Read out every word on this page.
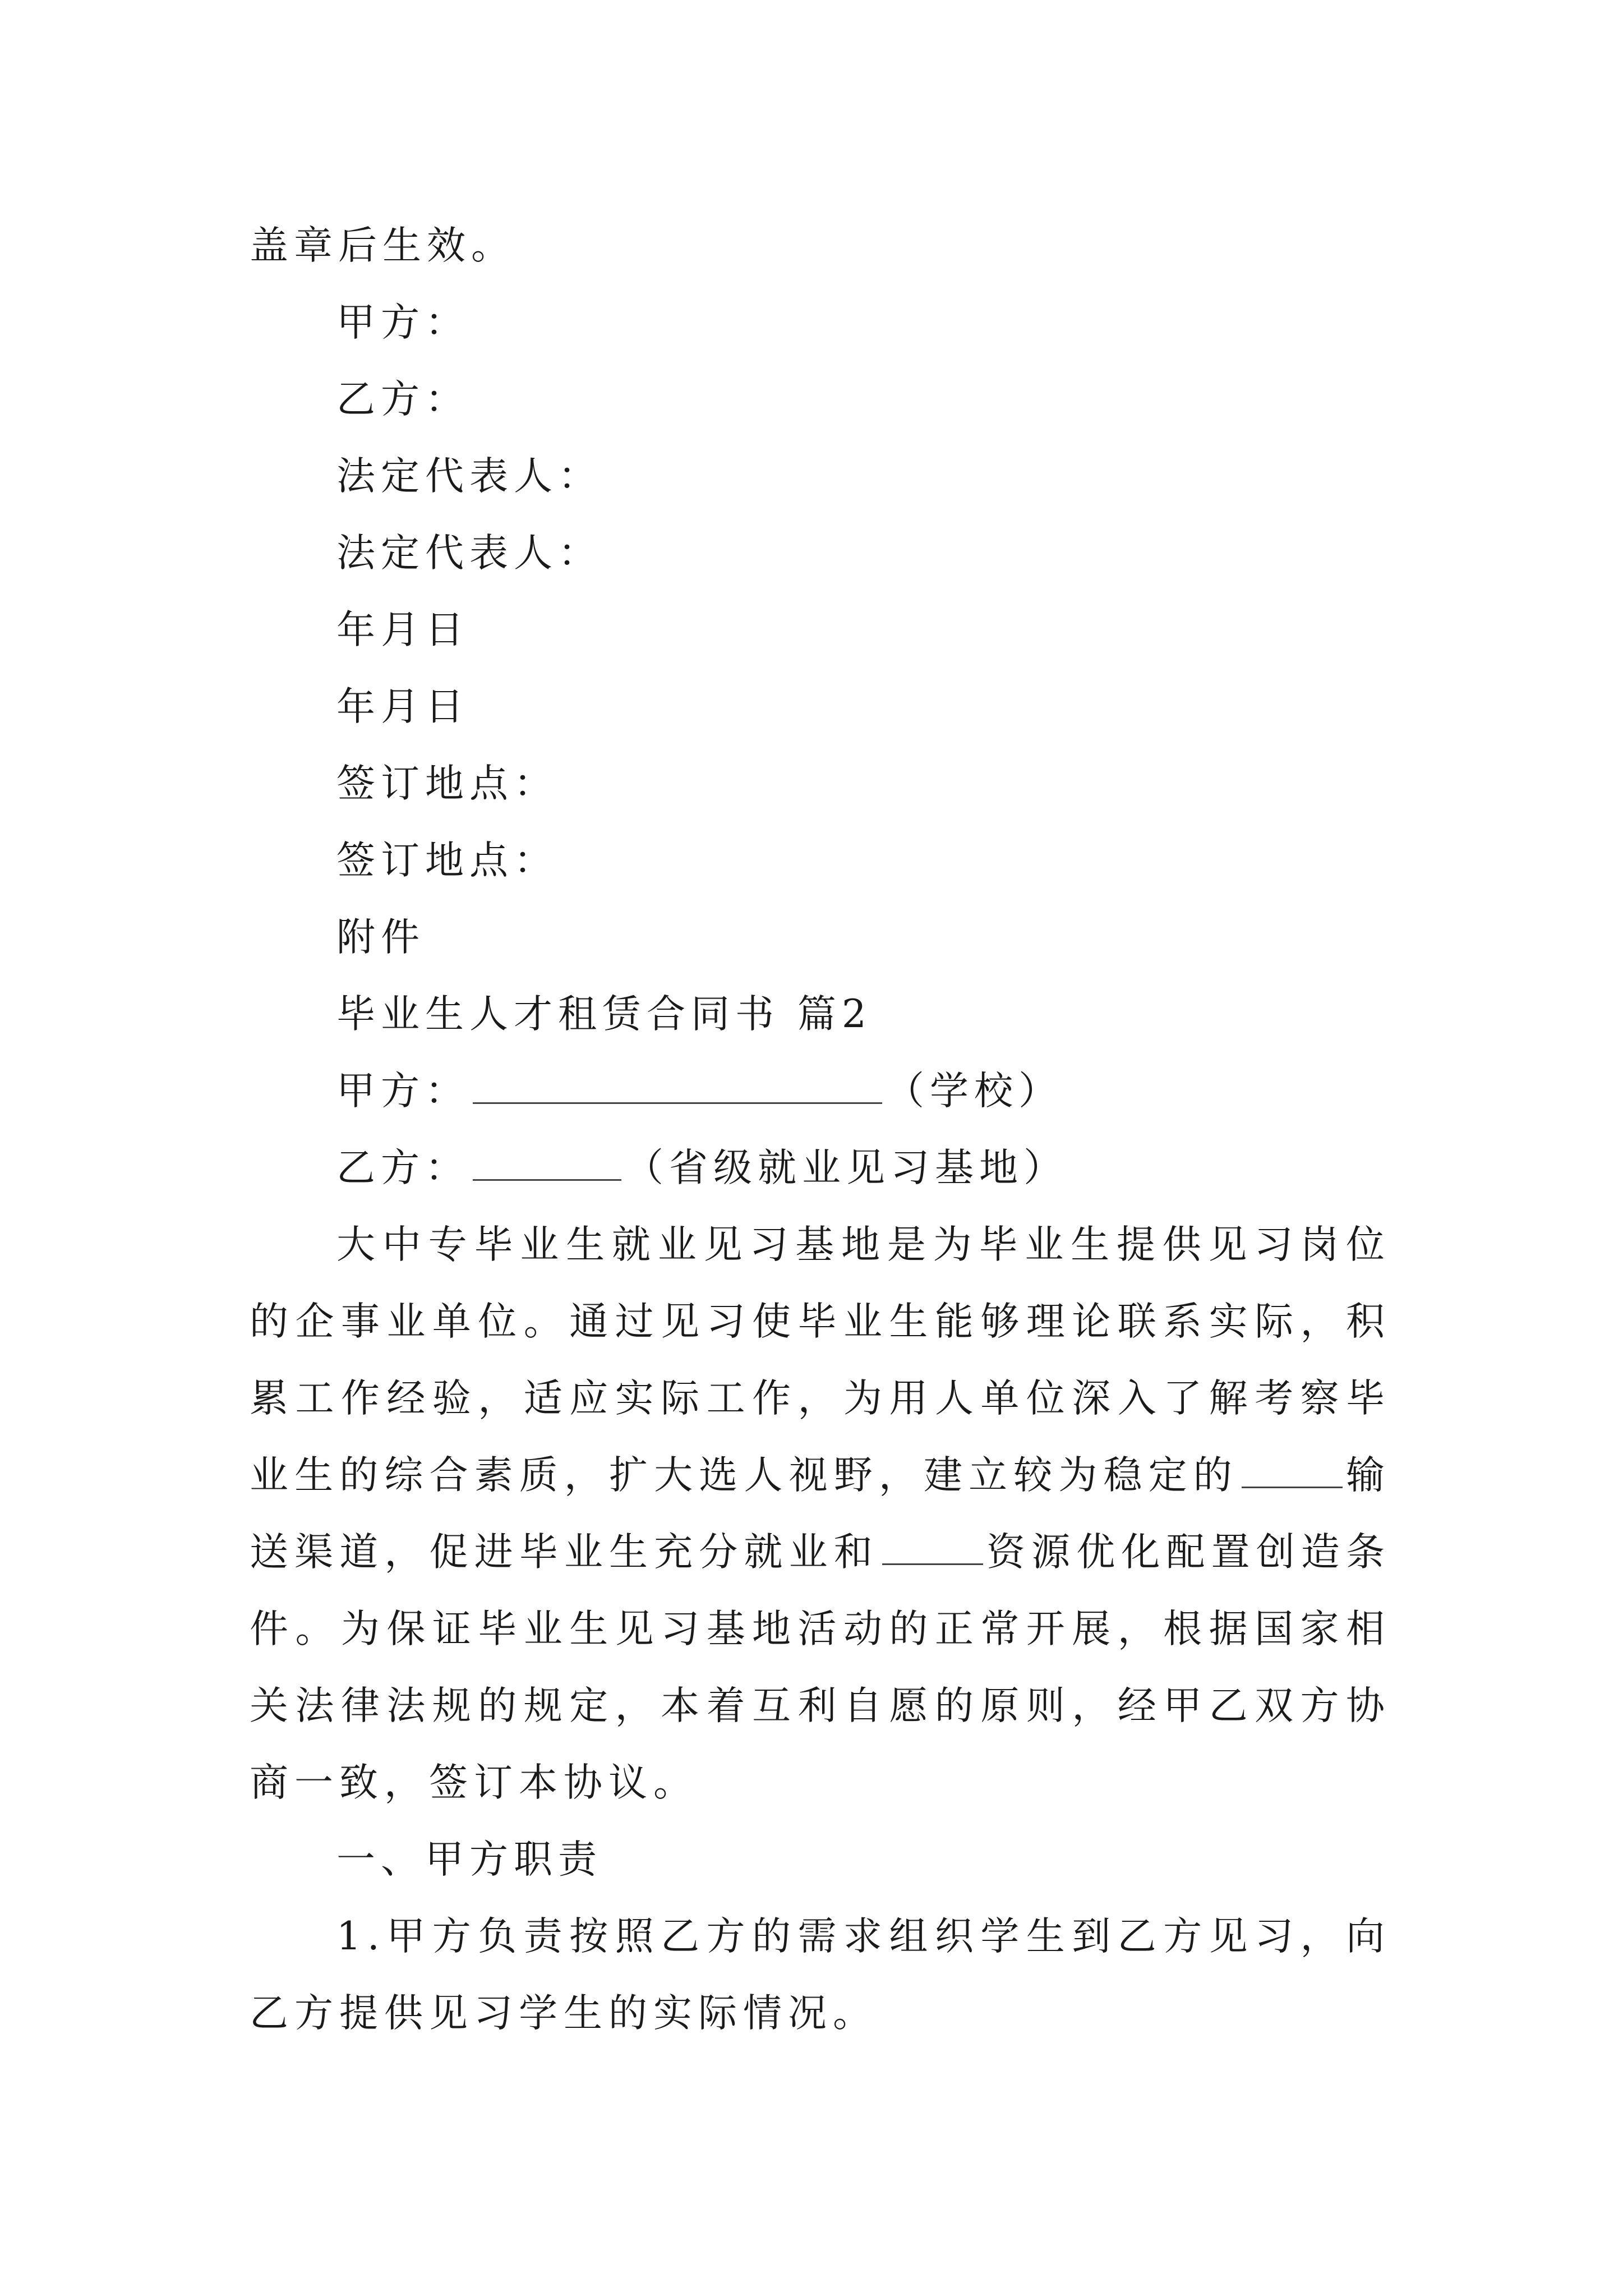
盖章后生效。
甲方：
乙方：
法定代表人：
法定代表人：
年月日
年月日
签订地点：
签订地点：
附件
毕业生人才租赁合同书 篇2
甲方：	（学校）
乙方：	（省级就业见习基地）

大中专毕业生就业见习基地是为毕业生提供见习岗位的企事业单位。通过见习使毕业生能够理论联系实际，积累工作经验，适应实际工作，为用人单位深入了解考察毕业生的综合素质，扩大选人视野，建立较为稳定的	输送渠道，促进毕业生充分就业和	资源优化配置创造条件。为保证毕业生见习基地活动的正常开展，根据国家相关法律法规的规定，本着互利自愿的原则，经甲乙双方协商一致，签订本协议。

一、甲方职责

1.甲方负责按照乙方的需求组织学生到乙方见习，向乙方提供见习学生的实际情况。
